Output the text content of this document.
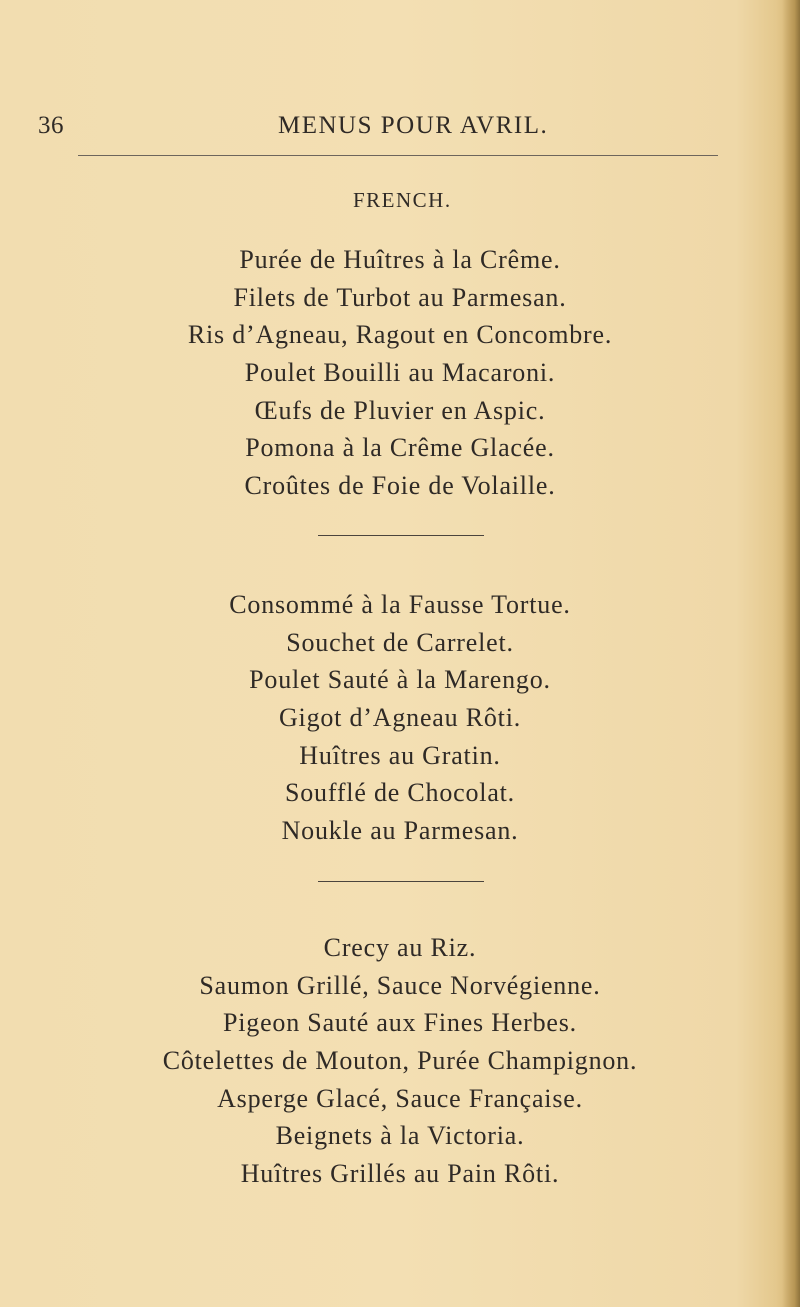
36	MENUS POUR AVRIL.
FRENCH.
Purée de Huîtres à la Crême.
Filets de Turbot au Parmesan.
Ris d’Agneau, Ragout en Concombre.
Poulet Bouilli au Macaroni.
Œufs de Pluvier en Aspic.
Pomona à la Crême Glacée.
Croûtes de Foie de Volaille.
Consommé à la Fausse Tortue.
Souchet de Carrelet.
Poulet Sauté à la Marengo.
Gigot d’Agneau Rôti.
Huîtres au Gratin.
Soufflé de Chocolat.
Noukle au Parmesan.
Crecy au Riz.
Saumon Grillé, Sauce Norvégienne.
Pigeon Sauté aux Fines Herbes.
Côtelettes de Mouton, Purée Champignon.
Asperge Glacé, Sauce Française.
Beignets à la Victoria.
Huîtres Grillés au Pain Rôti.
